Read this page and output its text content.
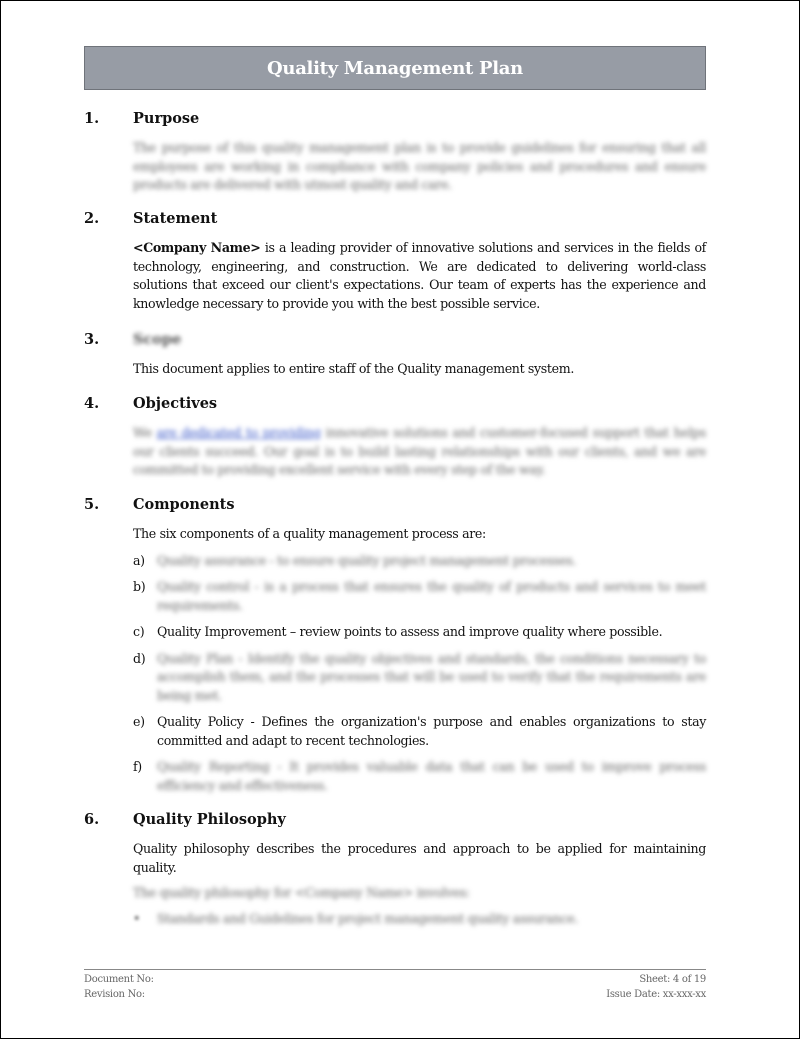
Quality Management Plan
1.	Purpose
The purpose of this quality management plan is to provide guidelines for ensuring that all employees are working in compliance with company policies and procedures and ensure products are delivered with utmost quality and care.
2.	Statement
<Company Name> is a leading provider of innovative solutions and services in the fields of technology, engineering, and construction. We are dedicated to delivering world-class solutions that exceed our client's expectations. Our team of experts has the experience and knowledge necessary to provide you with the best possible service.
3.	Scope
This document applies to entire staff of the Quality management system.
4.	Objectives
We are dedicated to providing innovative solutions and customer-focused support that helps our clients succeed. Our goal is to build lasting relationships with our clients, and we are committed to providing excellent service with every step of the way.
5.	Components
The six components of a quality management process are:
a) Quality assurance - to ensure quality project management processes.
b) Quality control - is a process that ensures the quality of products and services to meet requirements.
c)	Quality Improvement – review points to assess and improve quality where possible.
d) Quality Plan - Identify the quality objectives and standards, the conditions necessary to accomplish them, and the processes that will be used to verify that the requirements are being met.
e) Quality Policy - Defines the organization's purpose and enables organizations to stay committed and adapt to recent technologies.
f)	Quality Reporting - It provides valuable data that can be used to improve process efficiency and effectiveness.
6.	Quality Philosophy
Quality philosophy describes the procedures and approach to be applied for maintaining quality.
The quality philosophy for <Company Name> involves:
•	Standards and Guidelines for project management quality assurance.
Document No:	Sheet: 4 of 19
Revision No:	Issue Date: xx-xxx-xx
